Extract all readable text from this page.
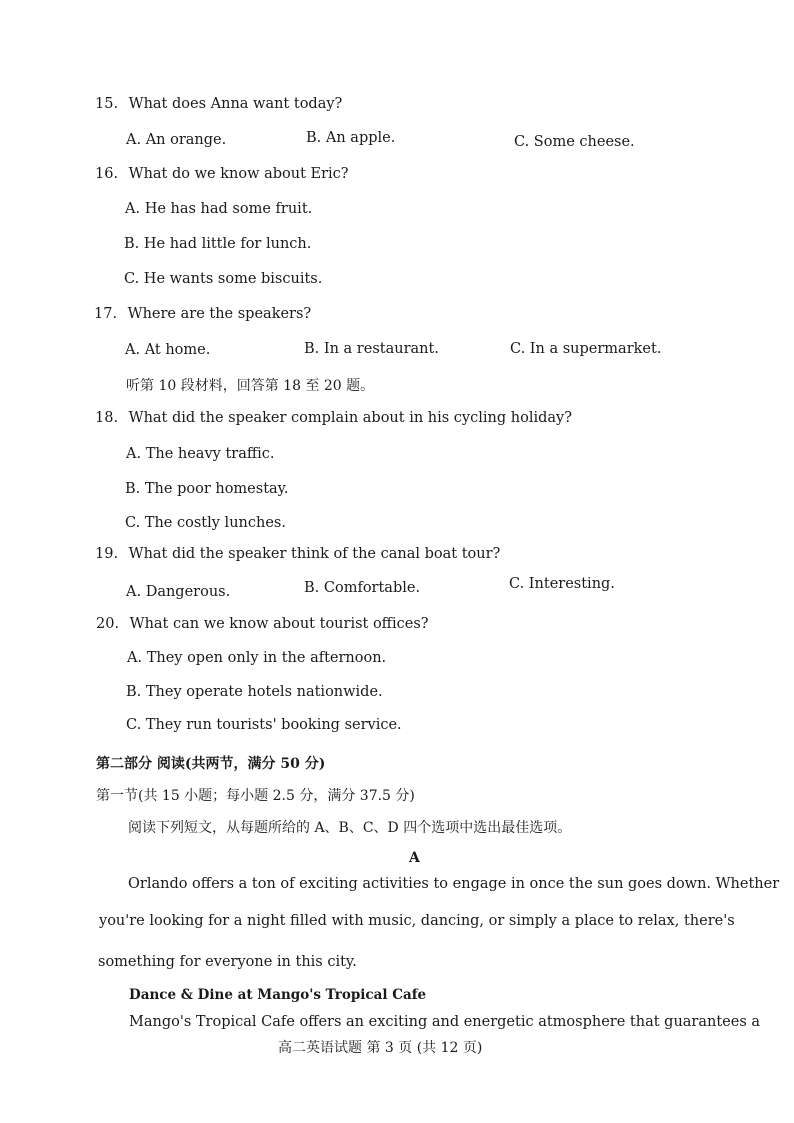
15. What does Anna want today?
A. An orange.	B. An apple.	C. Some cheese.
16. What do we know about Eric?
A. He has had some fruit.
B. He had little for lunch.
C. He wants some biscuits.
17. Where are the speakers?
A. At home.	B. In a restaurant.	C. In a supermarket.
听第 10 段材料，回答第 18 至 20 题。
18. What did the speaker complain about in his cycling holiday?
A. The heavy traffic.
B. The poor homestay.
C. The costly lunches.
19. What did the speaker think of the canal boat tour?
A. Dangerous.	B. Comfortable.	C. Interesting.
20. What can we know about tourist offices?
A. They open only in the afternoon.
B. They operate hotels nationwide.
C. They run tourists' booking service.
第二部分 阅读(共两节，满分 50 分)
第一节(共 15 小题；每小题 2.5 分，满分 37.5 分)
阅读下列短文，从每题所给的 A、B、C、D 四个选项中选出最佳选项。
A
Orlando offers a ton of exciting activities to engage in once the sun goes down. Whether
you're looking for a night filled with music, dancing, or simply a place to relax, there's
something for everyone in this city.
Dance & Dine at Mango's Tropical Cafe
Mango's Tropical Cafe offers an exciting and energetic atmosphere that guarantees a
高二英语试题 第 3 页 (共 12 页)
